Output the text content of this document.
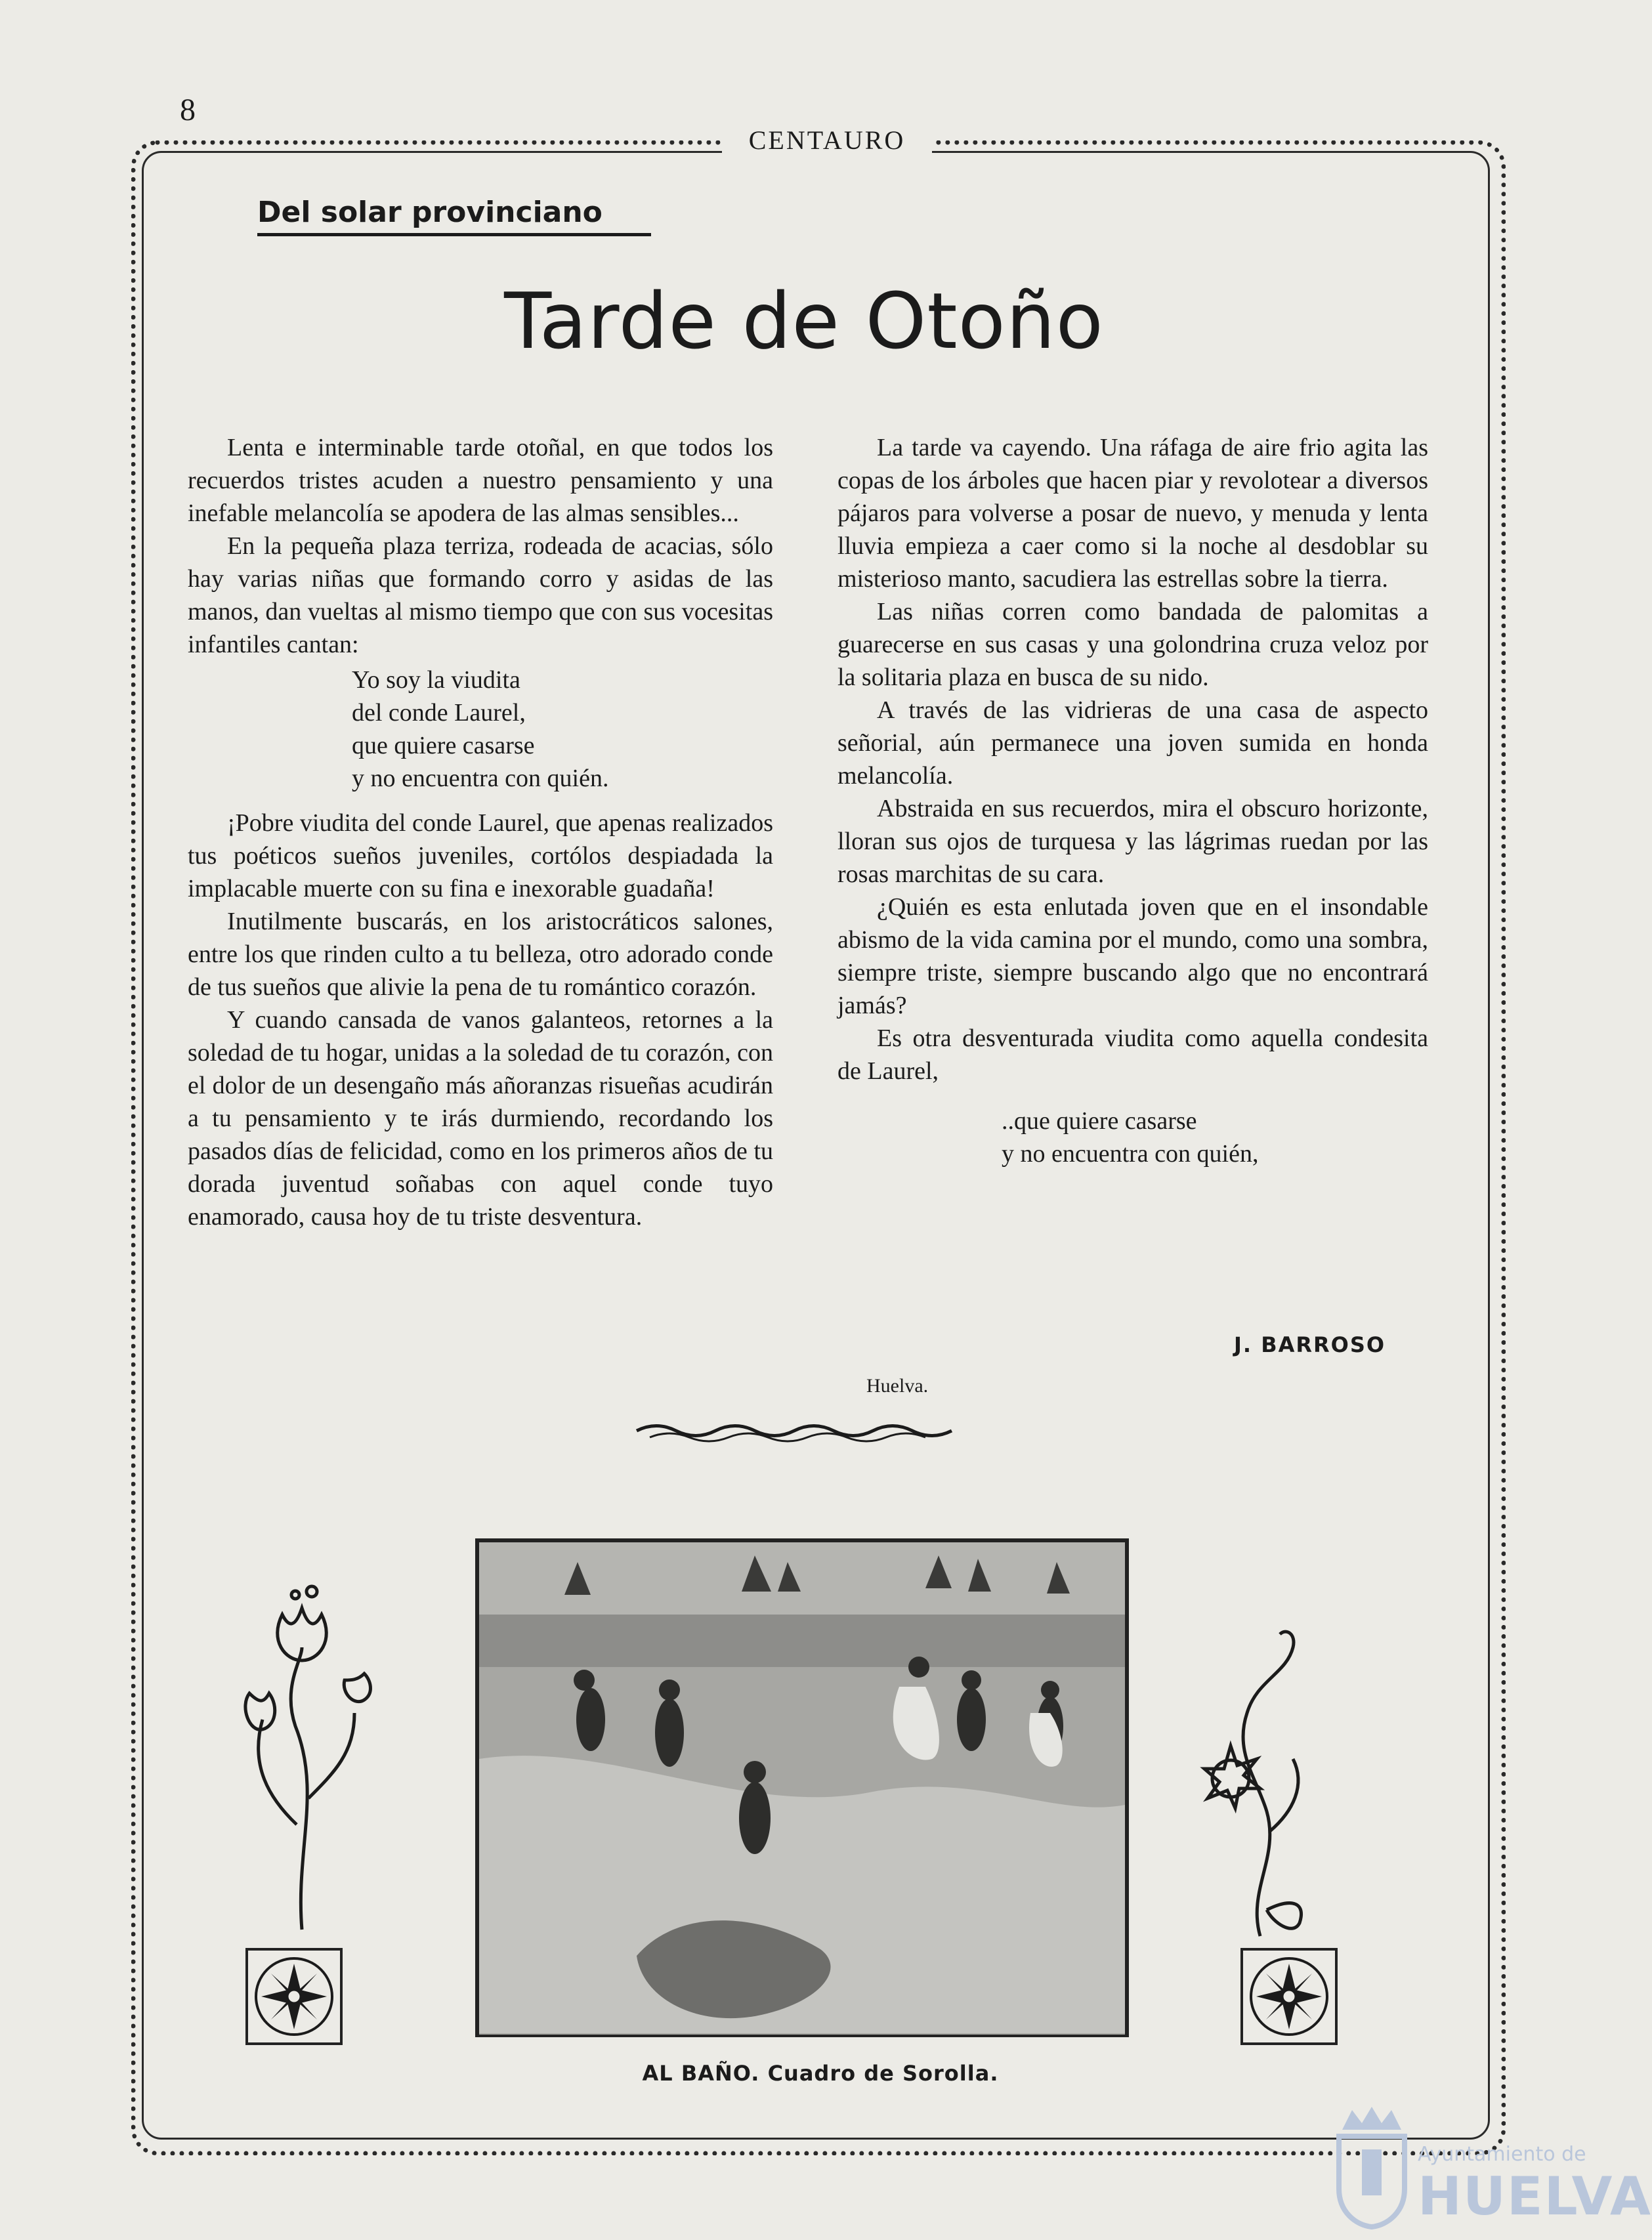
8
CENTAURO
Del solar provinciano
Tarde de Otoño

Lenta e interminable tarde otoñal, en que todos los recuerdos tristes acuden a nuestro pensamiento y una inefable melancolía se apodera de las almas sensibles...

En la pequeña plaza terriza, rodeada de acacias, sólo hay varias niñas que formando corro y asidas de las manos, dan vueltas al mismo tiempo que con sus vocesitas infantiles cantan:

Yo soy la viudita
del conde Laurel,
que quiere casarse
y no encuentra con quién.

¡Pobre viudita del conde Laurel, que apenas realizados tus poéticos sueños juveniles, cortólos despiadada la implacable muerte con su fina e inexorable guadaña!

Inutilmente buscarás, en los aristocráticos salones, entre los que rinden culto a tu belleza, otro adorado conde de tus sueños que alivie la pena de tu romántico corazón.

Y cuando cansada de vanos galanteos, retornes a la soledad de tu hogar, unidas a la soledad de tu corazón, con el dolor de un desengaño más añoranzas risueñas acudirán a tu pensamiento y te irás durmiendo, recordando los pasados días de felicidad, como en los primeros años de tu dorada juventud soñabas con aquel conde tuyo enamorado, causa hoy de tu triste desventura.

La tarde va cayendo. Una ráfaga de aire frio agita las copas de los árboles que hacen piar y revolotear a diversos pájaros para volverse a posar de nuevo, y menuda y lenta lluvia empieza a caer como si la noche al desdoblar su misterioso manto, sacudiera las estrellas sobre la tierra.

Las niñas corren como bandada de palomitas a guarecerse en sus casas y una golondrina cruza veloz por la solitaria plaza en busca de su nido.

A través de las vidrieras de una casa de aspecto señorial, aún permanece una joven sumida en honda melancolía.

Abstraida en sus recuerdos, mira el obscuro horizonte, lloran sus ojos de turquesa y las lágrimas ruedan por las rosas marchitas de su cara.

¿Quién es esta enlutada joven que en el insondable abismo de la vida camina por el mundo, como una sombra, siempre triste, siempre buscando algo que no encontrará jamás?

Es otra desventurada viudita como aquella condesita de Laurel,

..que quiere casarse
y no encuentra con quién,
J. BARROSO
Huelva.
AL BAÑO. Cuadro de Sorolla.
Ayuntamiento de
HUELVA
